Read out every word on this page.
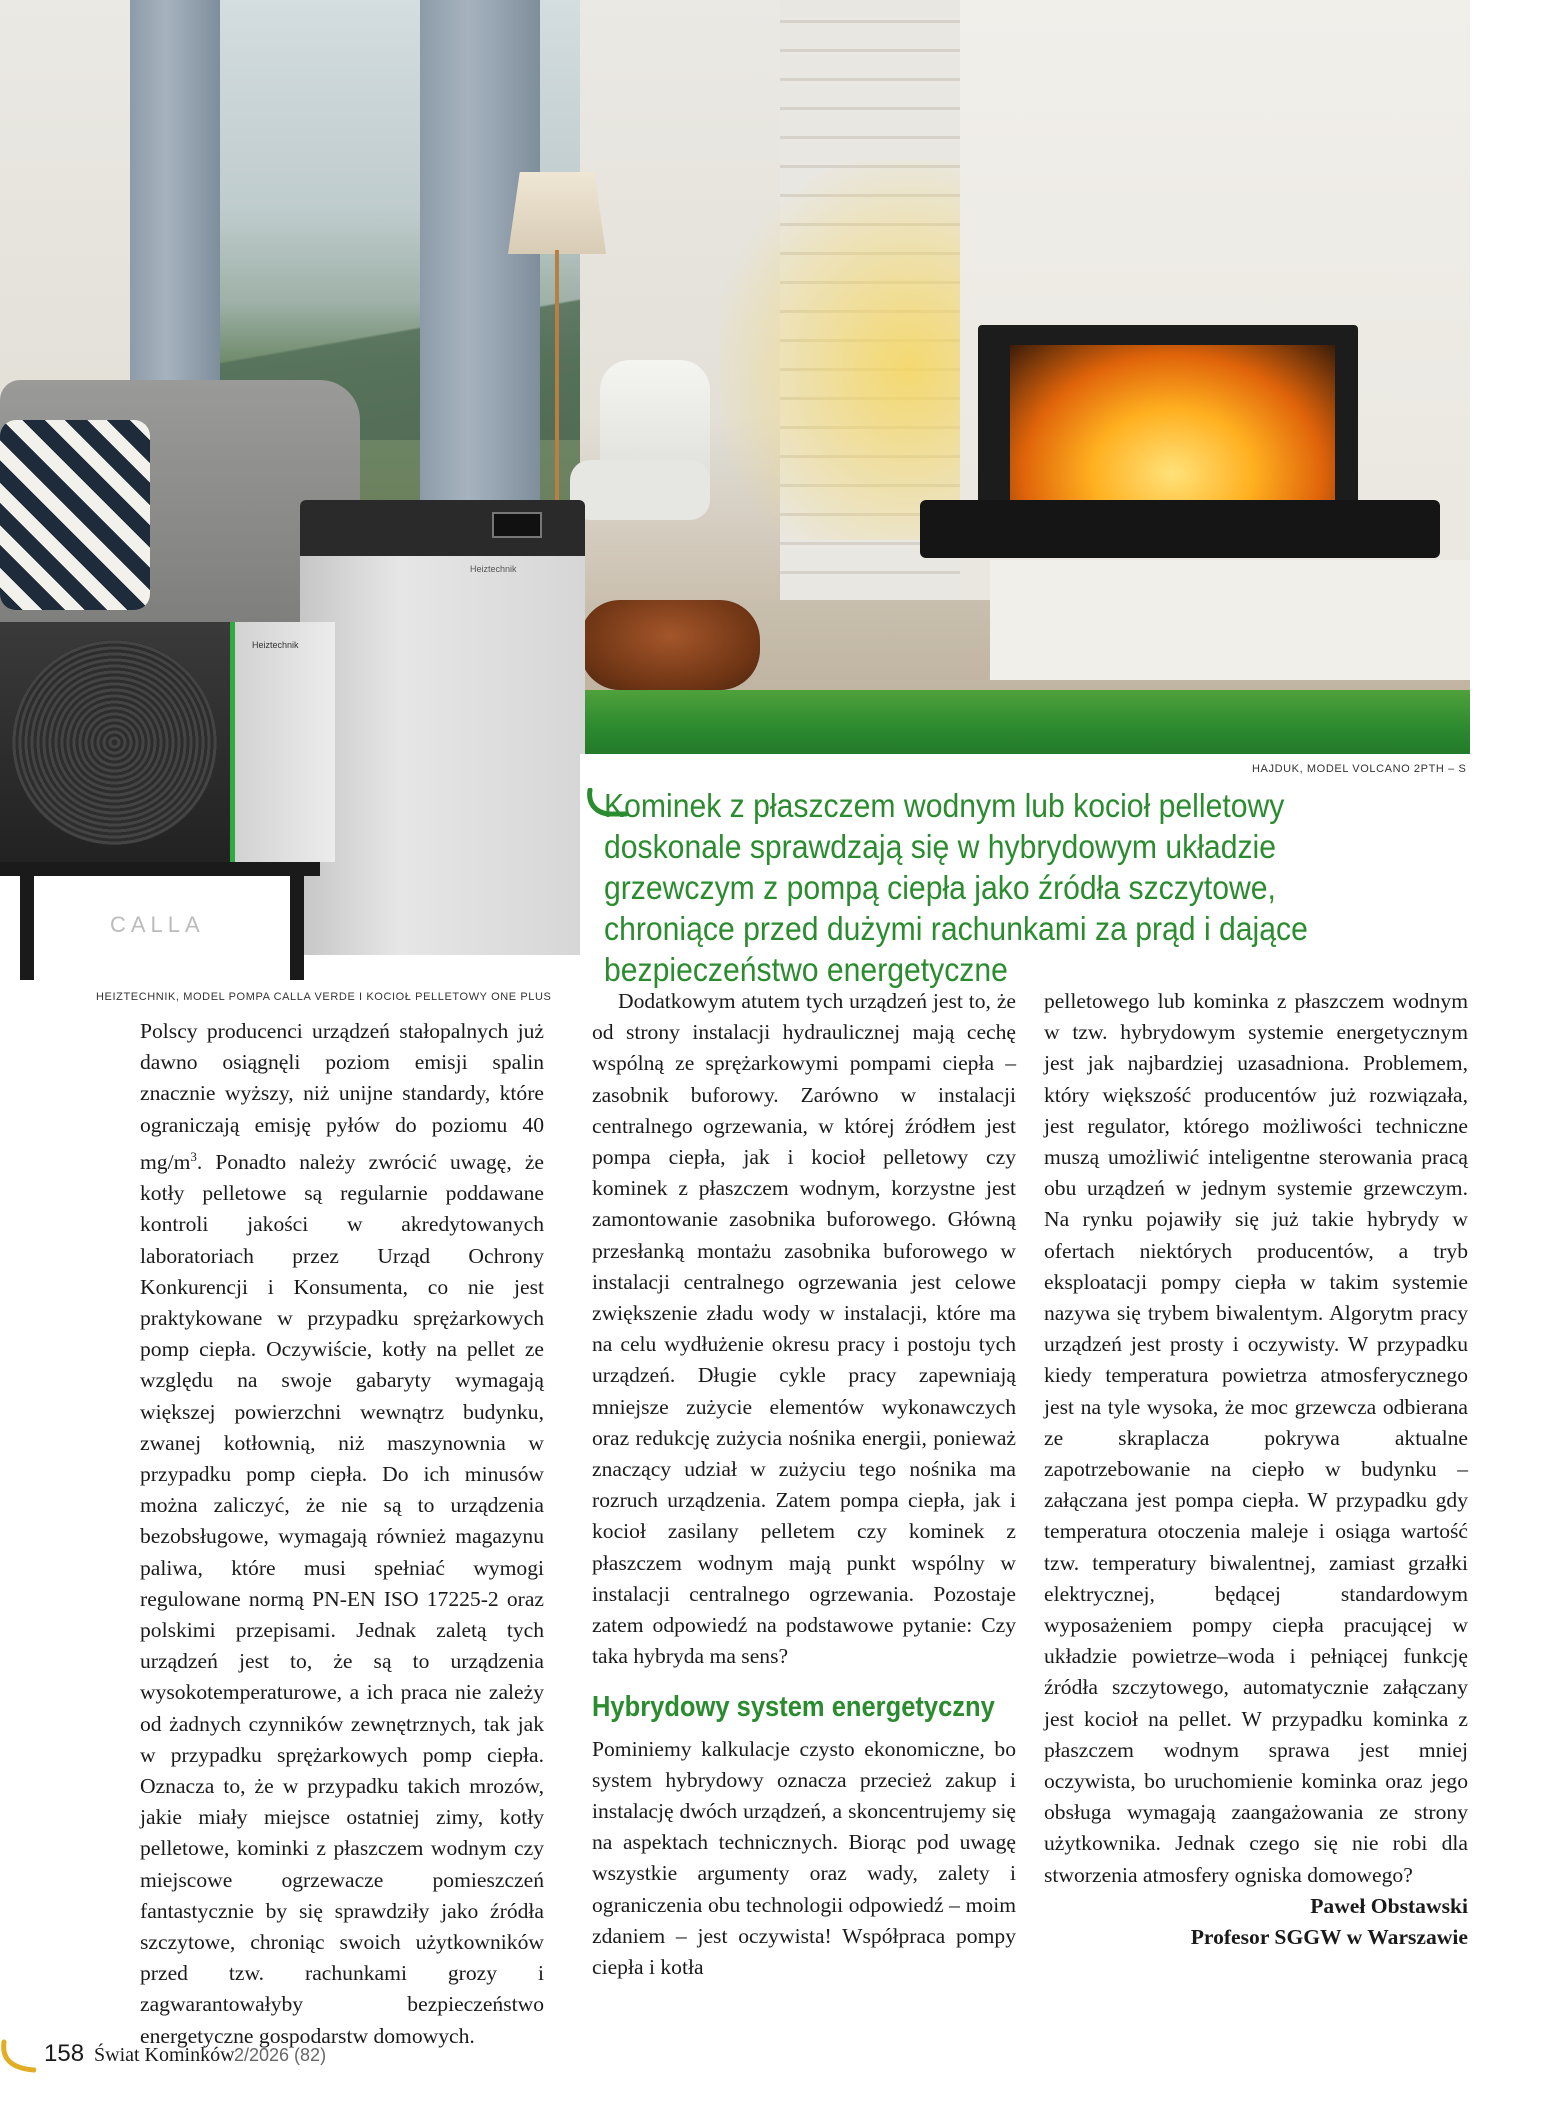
Heiztechnik
Heiztechnik
CALLA
HAJDUK, MODEL VOLCANO 2PTH – S
HEIZTECHNIK, MODEL POMPA CALLA VERDE I KOCIOŁ PELLETOWY ONE PLUS
Kominek z płaszczem wodnym lub kocioł pelletowy doskonale sprawdzają się w hybrydowym układzie grzewczym z pompą ciepła jako źródła szczytowe, chroniące przed dużymi rachunkami za prąd i dające bezpieczeństwo energetyczne

Polscy producenci urządzeń stałopalnych już dawno osiągnęli poziom emisji spalin znacznie wyższy, niż unijne standardy, które ograniczają emisję pyłów do poziomu 40 $mg/m^3$. Ponadto należy zwrócić uwagę, że kotły pelletowe są regularnie poddawane kontroli jakości w akredytowanych laboratoriach przez Urząd Ochrony Konkurencji i Konsumenta, co nie jest praktykowane w przypadku sprężarkowych pomp ciepła. Oczywiście, kotły na pellet ze względu na swoje gabaryty wymagają większej powierzchni wewnątrz budynku, zwanej kotłownią, niż maszynownia w przypadku pomp ciepła. Do ich minusów można zaliczyć, że nie są to urządzenia bezobsługowe, wymagają również magazynu paliwa, które musi spełniać wymogi regulowane normą PN-EN ISO 17225-2 oraz polskimi przepisami. Jednak zaletą tych urządzeń jest to, że są to urządzenia wysokotemperaturowe, a ich praca nie zależy od żadnych czynników zewnętrznych, tak jak w przypadku sprężarkowych pomp ciepła. Oznacza to, że w przypadku takich mrozów, jakie miały miejsce ostatniej zimy, kotły pelletowe, kominki z płaszczem wodnym czy miejscowe ogrzewacze pomieszczeń fantastycznie by się sprawdziły jako źródła szczytowe, chroniąc swoich użytkowników przed tzw. rachunkami grozy i zagwarantowałyby bezpieczeństwo energetyczne gospodarstw domowych.

Dodatkowym atutem tych urządzeń jest to, że od strony instalacji hydraulicznej mają cechę wspólną ze sprężarkowymi pompami ciepła – zasobnik buforowy. Zarówno w instalacji centralnego ogrzewania, w której źródłem jest pompa ciepła, jak i kocioł pelletowy czy kominek z płaszczem wodnym, korzystne jest zamontowanie zasobnika buforowego. Główną przesłanką montażu zasobnika buforowego w instalacji centralnego ogrzewania jest celowe zwiększenie zładu wody w instalacji, które ma na celu wydłużenie okresu pracy i postoju tych urządzeń. Długie cykle pracy zapewniają mniejsze zużycie elementów wykonawczych oraz redukcję zużycia nośnika energii, ponieważ znaczący udział w zużyciu tego nośnika ma rozruch urządzenia. Zatem pompa ciepła, jak i kocioł zasilany pelletem czy kominek z płaszczem wodnym mają punkt wspólny w instalacji centralnego ogrzewania. Pozostaje zatem odpowiedź na podstawowe pytanie: Czy taka hybryda ma sens?

Hybrydowy system energetyczny

Pominiemy kalkulacje czysto ekonomiczne, bo system hybrydowy oznacza przecież zakup i instalację dwóch urządzeń, a skoncentrujemy się na aspektach technicznych. Biorąc pod uwagę wszystkie argumenty oraz wady, zalety i ograniczenia obu technologii odpowiedź – moim zdaniem – jest oczywista! Współpraca pompy ciepła i kotła

pelletowego lub kominka z płaszczem wodnym w tzw. hybrydowym systemie energetycznym jest jak najbardziej uzasadniona. Problemem, który większość producentów już rozwiązała, jest regulator, którego możliwości techniczne muszą umożliwić inteligentne sterowania pracą obu urządzeń w jednym systemie grzewczym. Na rynku pojawiły się już takie hybrydy w ofertach niektórych producentów, a tryb eksploatacji pompy ciepła w takim systemie nazywa się trybem biwalentym. Algorytm pracy urządzeń jest prosty i oczywisty. W przypadku kiedy temperatura powietrza atmosferycznego jest na tyle wysoka, że moc grzewcza odbierana ze skraplacza pokrywa aktualne zapotrzebowanie na ciepło w budynku – załączana jest pompa ciepła. W przypadku gdy temperatura otoczenia maleje i osiąga wartość tzw. temperatury biwalentnej, zamiast grzałki elektrycznej, będącej standardowym wyposażeniem pompy ciepła pracującej w układzie powietrze–woda i pełniącej funkcję źródła szczytowego, automatycznie załączany jest kocioł na pellet. W przypadku kominka z płaszczem wodnym sprawa jest mniej oczywista, bo uruchomienie kominka oraz jego obsługa wymagają zaangażowania ze strony użytkownika. Jednak czego się nie robi dla stworzenia atmosfery ogniska domowego?

Paweł Obstawski

Profesor SGGW w Warszawie

158 Świat Kominków 2/2026 (82)
